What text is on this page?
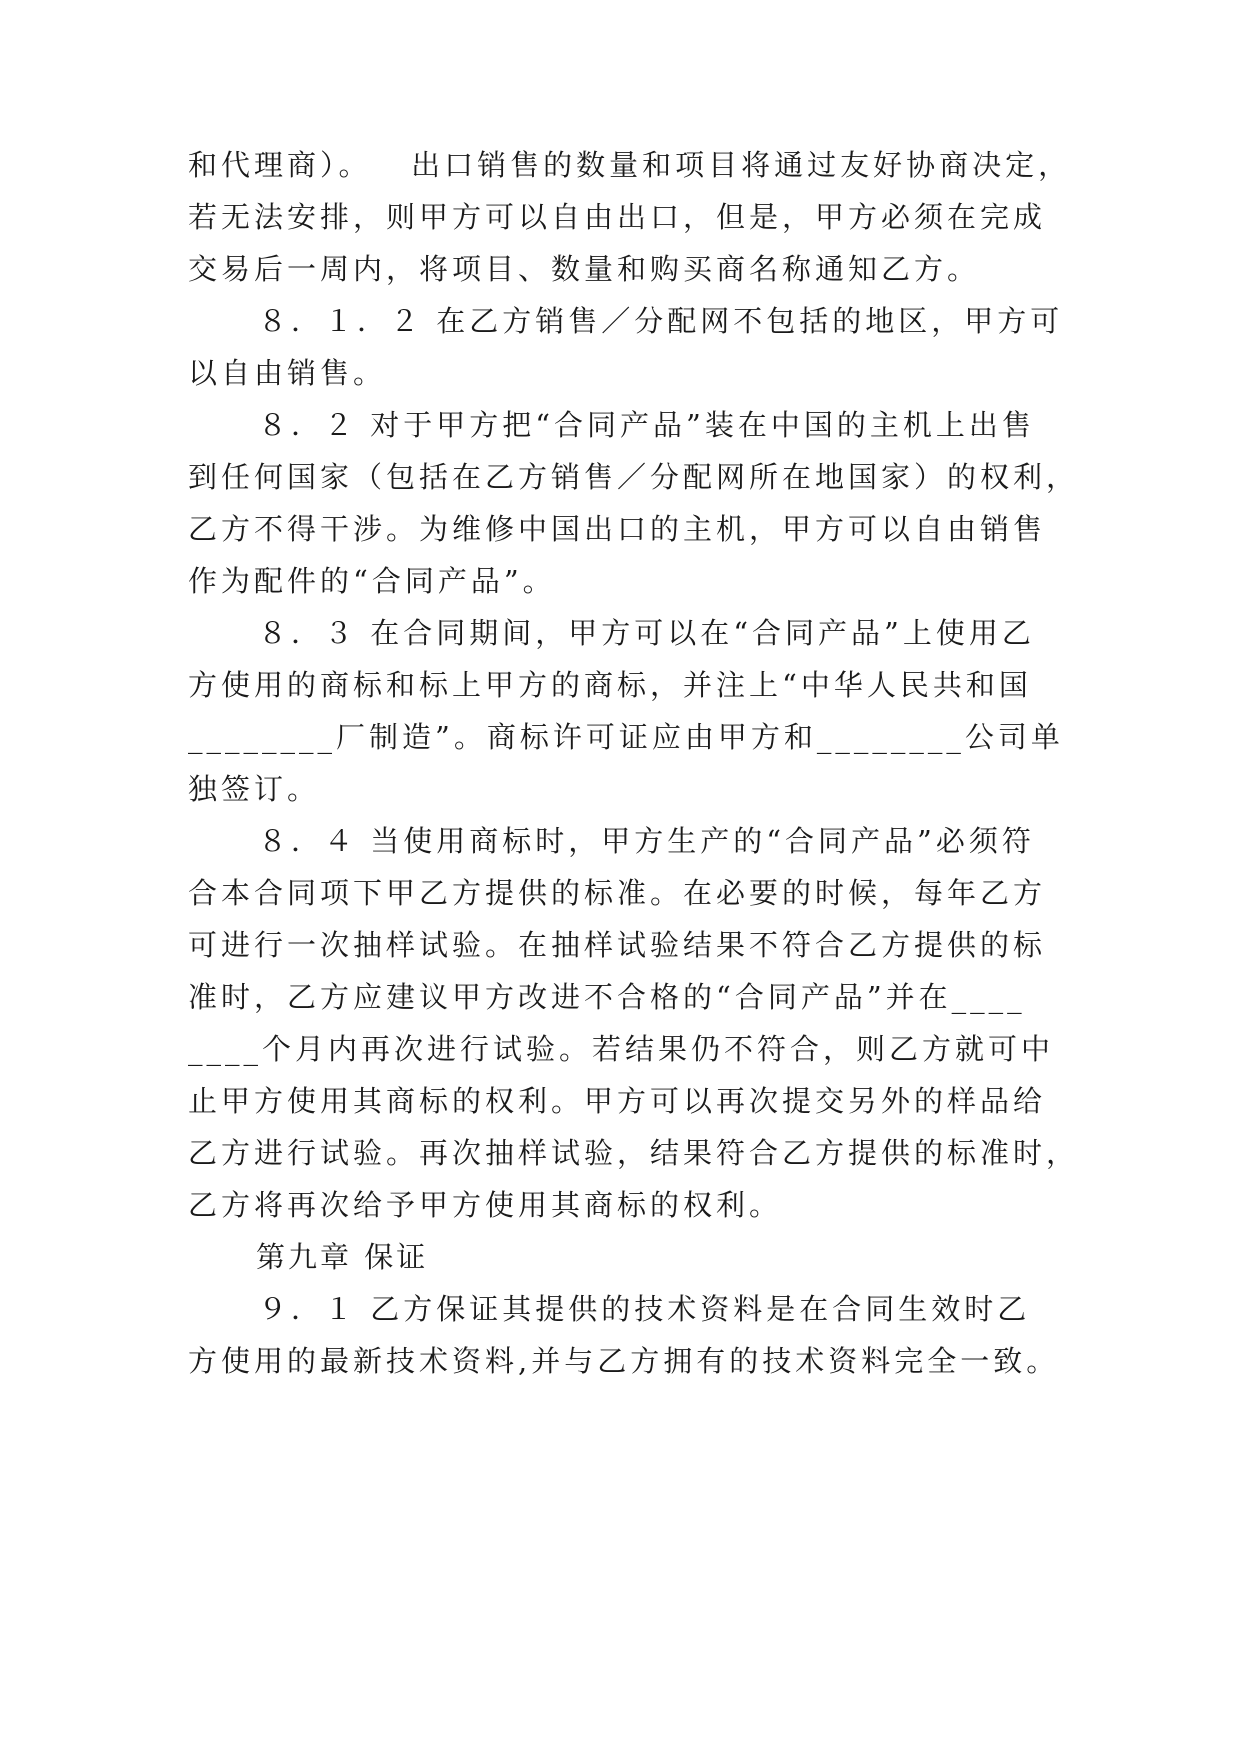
和代理商）。   出口销售的数量和项目将通过友好协商决定，
若无法安排，则甲方可以自由出口，但是，甲方必须在完成
交易后一周内，将项目、数量和购买商名称通知乙方。
８．１．２ 在乙方销售／分配网不包括的地区，甲方可
以自由销售。
８．２ 对于甲方把“合同产品”装在中国的主机上出售
到任何国家（包括在乙方销售／分配网所在地国家）的权利，
乙方不得干涉。为维修中国出口的主机，甲方可以自由销售
作为配件的“合同产品”。
８．３ 在合同期间，甲方可以在“合同产品”上使用乙
方使用的商标和标上甲方的商标，并注上“中华人民共和国
________厂制造”。商标许可证应由甲方和________公司单
独签订。
８．４ 当使用商标时，甲方生产的“合同产品”必须符
合本合同项下甲乙方提供的标准。在必要的时候，每年乙方
可进行一次抽样试验。在抽样试验结果不符合乙方提供的标
准时，乙方应建议甲方改进不合格的“合同产品”并在____
____个月内再次进行试验。若结果仍不符合，则乙方就可中
止甲方使用其商标的权利。甲方可以再次提交另外的样品给
乙方进行试验。再次抽样试验，结果符合乙方提供的标准时，
乙方将再次给予甲方使用其商标的权利。
第九章 保证
９．１ 乙方保证其提供的技术资料是在合同生效时乙
方使用的最新技术资料,并与乙方拥有的技术资料完全一致。
